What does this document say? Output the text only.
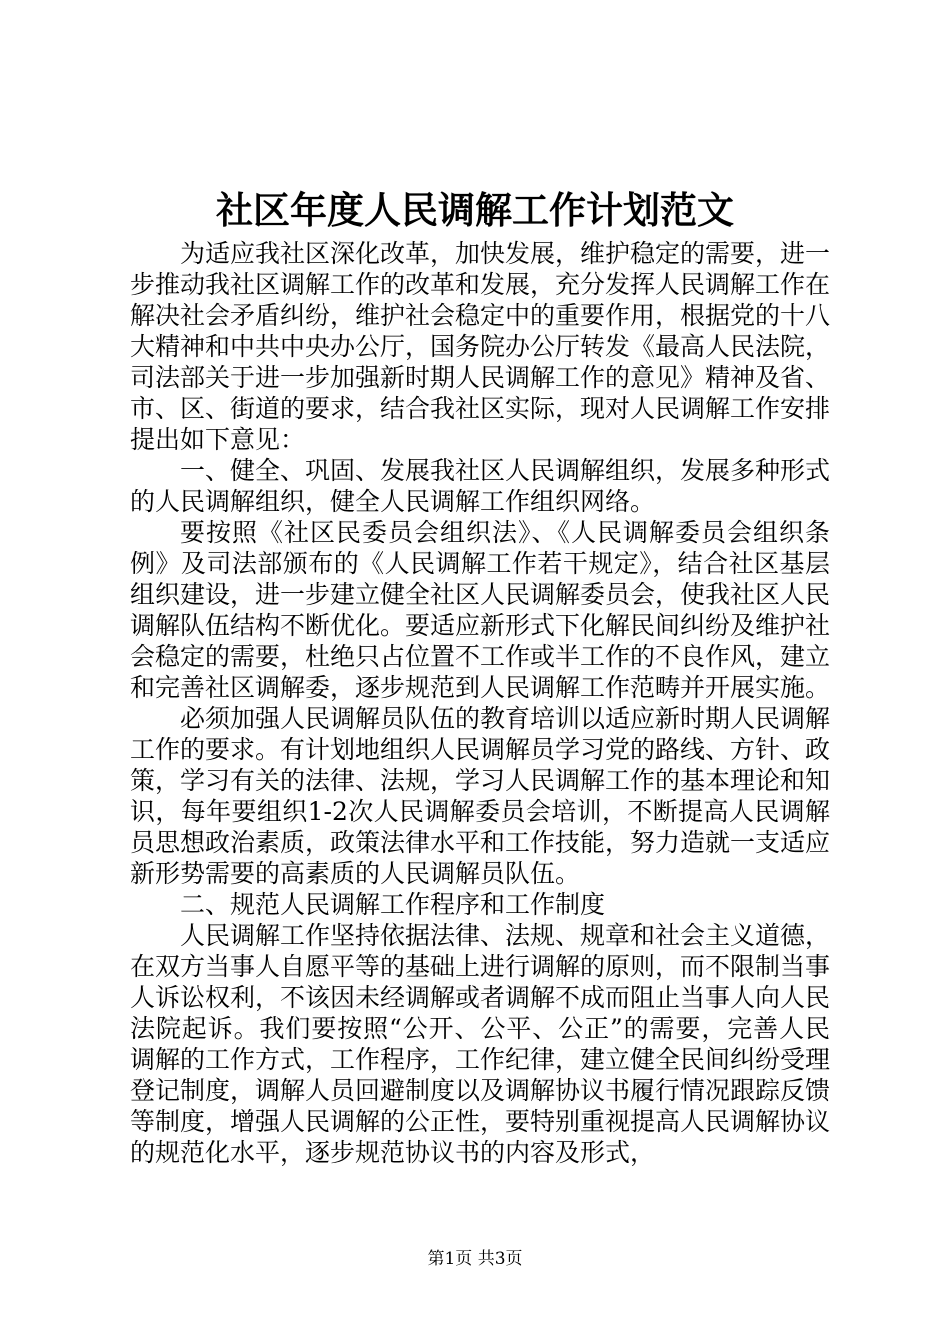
社区年度人民调解工作计划范文

为适应我社区深化改革，加快发展，维护稳定的需要，进一步推动我社区调解工作的改革和发展，充分发挥人民调解工作在解决社会矛盾纠纷，维护社会稳定中的重要作用，根据党的十八大精神和中共中央办公厅，国务院办公厅转发《最高人民法院，司法部关于进一步加强新时期人民调解工作的意见》精神及省、市、区、街道的要求，结合我社区实际，现对人民调解工作安排提出如下意见：

一、健全、巩固、发展我社区人民调解组织，发展多种形式的人民调解组织，健全人民调解工作组织网络。

要按照《社区民委员会组织法》、《人民调解委员会组织条例》及司法部颁布的《人民调解工作若干规定》，结合社区基层组织建设，进一步建立健全社区人民调解委员会，使我社区人民调解队伍结构不断优化。要适应新形式下化解民间纠纷及维护社会稳定的需要，杜绝只占位置不工作或半工作的不良作风，建立和完善社区调解委，逐步规范到人民调解工作范畴并开展实施。

必须加强人民调解员队伍的教育培训以适应新时期人民调解工作的要求。有计划地组织人民调解员学习党的路线、方针、政策，学习有关的法律、法规，学习人民调解工作的基本理论和知识，每年要组织1-2次人民调解委员会培训，不断提高人民调解员思想政治素质，政策法律水平和工作技能，努力造就一支适应新形势需要的高素质的人民调解员队伍。

二、规范人民调解工作程序和工作制度

人民调解工作坚持依据法律、法规、规章和社会主义道德，在双方当事人自愿平等的基础上进行调解的原则，而不限制当事人诉讼权利，不该因未经调解或者调解不成而阻止当事人向人民法院起诉。我们要按照“公开、公平、公正”的需要，完善人民调解的工作方式，工作程序，工作纪律，建立健全民间纠纷受理登记制度，调解人员回避制度以及调解协议书履行情况跟踪反馈等制度，增强人民调解的公正性，要特别重视提高人民调解协议的规范化水平，逐步规范协议书的内容及形式，

第1页 共3页
